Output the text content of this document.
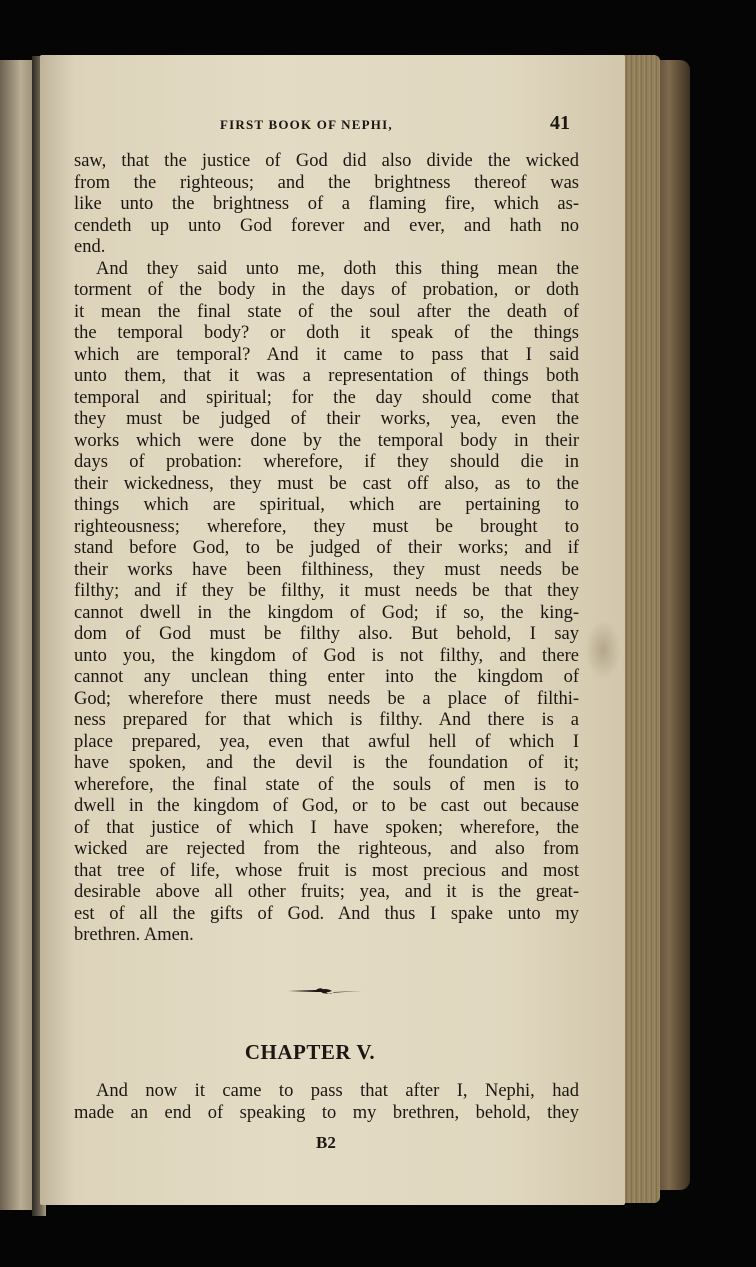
FIRST BOOK OF NEPHI,	41
saw, that the justice of God did also divide the wicked
from the righteous; and the brightness thereof was
like unto the brightness of a flaming fire, which as-
cendeth up unto God forever and ever, and hath no
end.
And they said unto me, doth this thing mean the
torment of the body in the days of probation, or doth
it mean the final state of the soul after the death of
the temporal body? or doth it speak of the things
which are temporal? And it came to pass that I said
unto them, that it was a representation of things both
temporal and spiritual; for the day should come that
they must be judged of their works, yea, even the
works which were done by the temporal body in their
days of probation: wherefore, if they should die in
their wickedness, they must be cast off also, as to the
things which are spiritual, which are pertaining to
righteousness; wherefore, they must be brought to
stand before God, to be judged of their works; and if
their works have been filthiness, they must needs be
filthy; and if they be filthy, it must needs be that they
cannot dwell in the kingdom of God; if so, the king-
dom of God must be filthy also. But behold, I say
unto you, the kingdom of God is not filthy, and there
cannot any unclean thing enter into the kingdom of
God; wherefore there must needs be a place of filthi-
ness prepared for that which is filthy. And there is a
place prepared, yea, even that awful hell of which I
have spoken, and the devil is the foundation of it;
wherefore, the final state of the souls of men is to
dwell in the kingdom of God, or to be cast out because
of that justice of which I have spoken; wherefore, the
wicked are rejected from the righteous, and also from
that tree of life, whose fruit is most precious and most
desirable above all other fruits; yea, and it is the great-
est of all the gifts of God. And thus I spake unto my
brethren. Amen.
CHAPTER V.
And now it came to pass that after I, Nephi, had
made an end of speaking to my brethren, behold, they
B2
